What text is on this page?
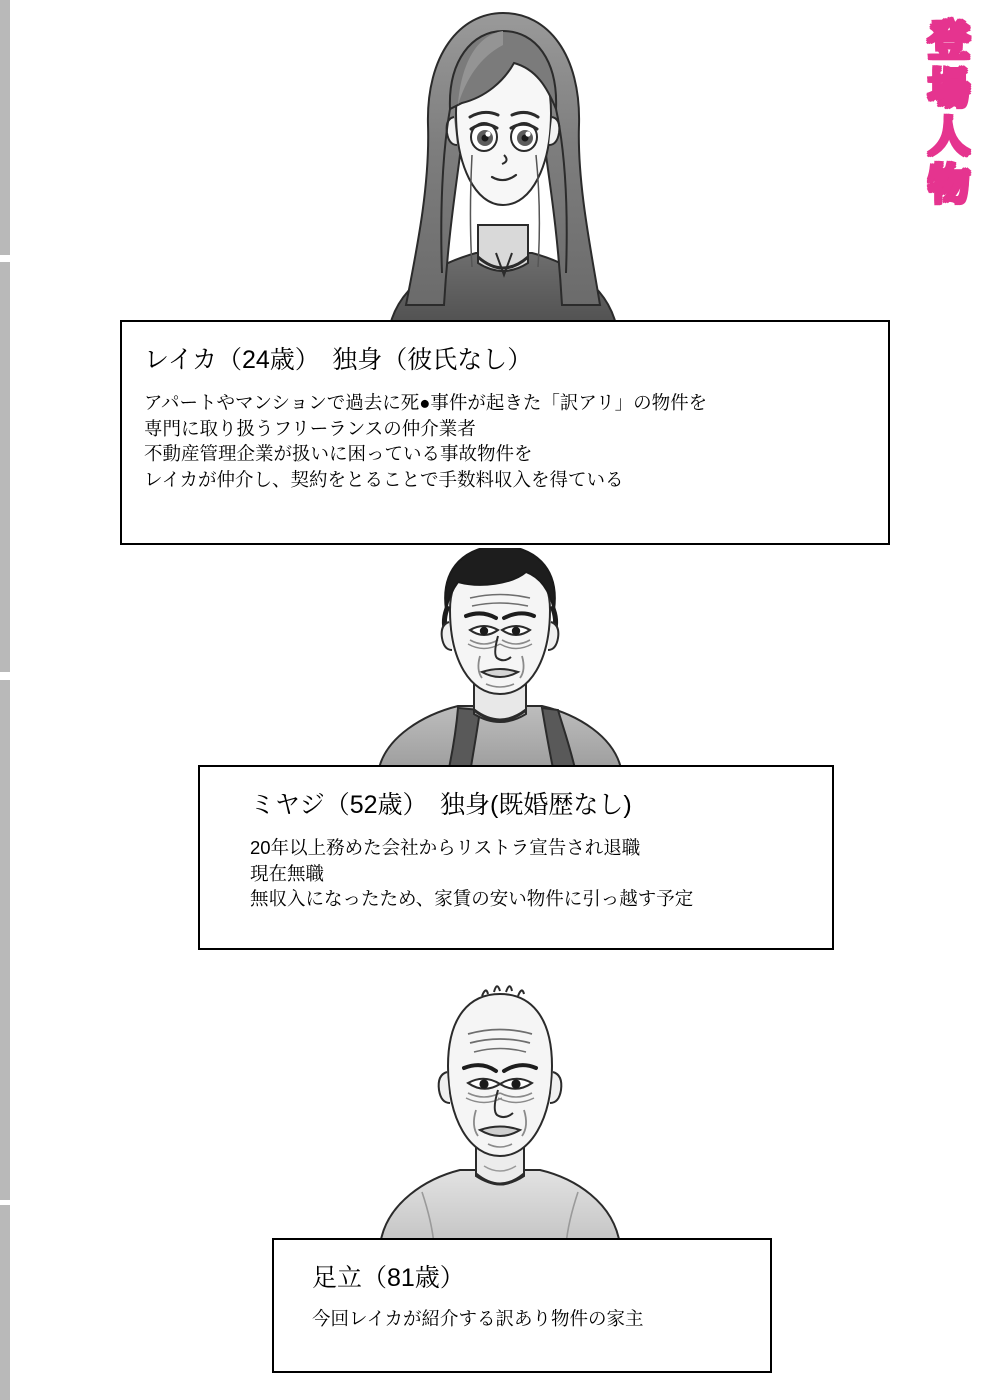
登場人物
レイカ（24歳）　独身（彼氏なし）
アパートやマンションで過去に死●事件が起きた「訳アリ」の物件を
専門に取り扱うフリーランスの仲介業者
不動産管理企業が扱いに困っている事故物件を
レイカが仲介し、契約をとることで手数料収入を得ている
ミヤジ（52歳）　独身(既婚歴なし)
20年以上務めた会社からリストラ宣告され退職
現在無職
無収入になったため、家賃の安い物件に引っ越す予定
足立（81歳）
今回レイカが紹介する訳あり物件の家主
